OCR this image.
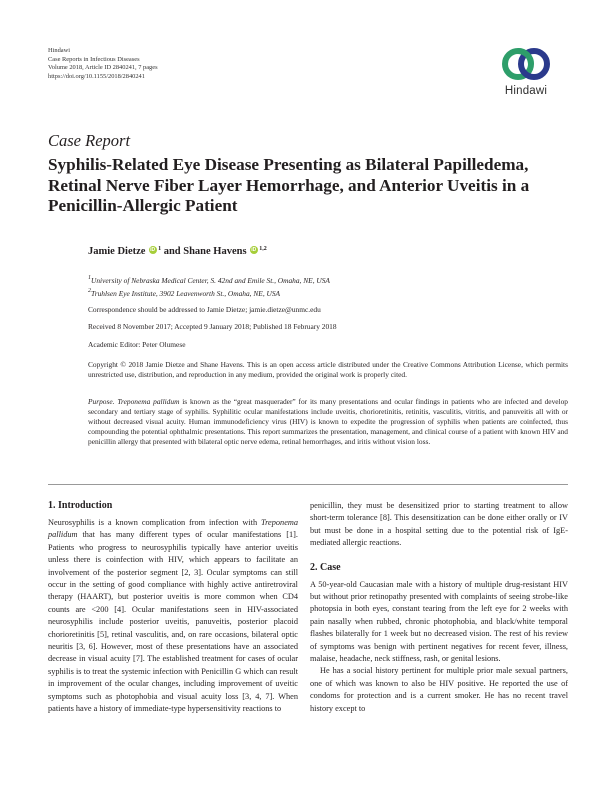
Hindawi
Case Reports in Infectious Diseases
Volume 2018, Article ID 2840241, 7 pages
https://doi.org/10.1155/2018/2840241
Hindawi
Case Report
Syphilis-Related Eye Disease Presenting as Bilateral Papilledema, Retinal Nerve Fiber Layer Hemorrhage, and Anterior Uveitis in a Penicillin-Allergic Patient
Jamie Dietze iD $^1$ and Shane Havens iD $^{1,2}$
$^1$University of Nebraska Medical Center, S. 42nd and Emile St., Omaha, NE, USA
$^2$Truhlsen Eye Institute, 3902 Leavenworth St., Omaha, NE, USA
Correspondence should be addressed to Jamie Dietze; jamie.dietze@unmc.edu
Received 8 November 2017; Accepted 9 January 2018; Published 18 February 2018
Academic Editor: Peter Olumese
Copyright © 2018 Jamie Dietze and Shane Havens. This is an open access article distributed under the Creative Commons Attribution License, which permits unrestricted use, distribution, and reproduction in any medium, provided the original work is properly cited.
Purpose. Treponema pallidum is known as the “great masquerader” for its many presentations and ocular findings in patients who are infected and develop secondary and tertiary stage of syphilis. Syphilitic ocular manifestations include uveitis, chorioretinitis, retinitis, vasculitis, vitritis, and panuveitis all with or without decreased visual acuity. Human immunodeficiency virus (HIV) is known to expedite the progression of syphilis when patients are coinfected, thus compounding the potential ophthalmic presentations. This report summarizes the presentation, management, and clinical course of a patient with known HIV and penicillin allergy that presented with bilateral optic nerve edema, retinal hemorrhages, and iritis without vision loss.
1. Introduction

Neurosyphilis is a known complication from infection with Treponema pallidum that has many different types of ocular manifestations [1]. Patients who progress to neurosyphilis typically have anterior uveitis unless there is coinfection with HIV, which appears to facilitate an involvement of the posterior segment [2, 3]. Ocular symptoms can still occur in the setting of good compliance with highly active antiretroviral therapy (HAART), but posterior uveitis is more common when CD4 counts are <200 [4]. Ocular manifestations seen in HIV-associated neurosyphilis include posterior uveitis, panuveitis, posterior placoid chorioretinitis [5], retinal vasculitis, and, on rare occasions, bilateral optic neuritis [3, 6]. However, most of these presentations have an associated decrease in visual acuity [7]. The established treatment for cases of ocular syphilis is to treat the systemic infection with Penicillin G which can result in improvement of the ocular changes, including improvement of uveitic symptoms such as photophobia and visual acuity loss [3, 4, 7]. When patients have a history of immediate-type hypersensitivity reactions to

penicillin, they must be desensitized prior to starting treatment to allow short-term tolerance [8]. This desensitization can be done either orally or IV but must be done in a hospital setting due to the potential risk of IgE-mediated allergic reactions.
2. Case

A 50-year-old Caucasian male with a history of multiple drug-resistant HIV but without prior retinopathy presented with complaints of seeing strobe-like photopsia in both eyes, constant tearing from the left eye for 2 weeks with pain nasally when rubbed, chronic photophobia, and black/white temporal flashes bilaterally for 1 week but no decreased vision. The rest of his review of symptoms was benign with pertinent negatives for recent fever, illness, malaise, headache, neck stiffness, rash, or genital lesions.

He has a social history pertinent for multiple prior male sexual partners, one of which was known to also be HIV positive. He reported the use of condoms for protection and is a current smoker. He has no recent travel history except to
